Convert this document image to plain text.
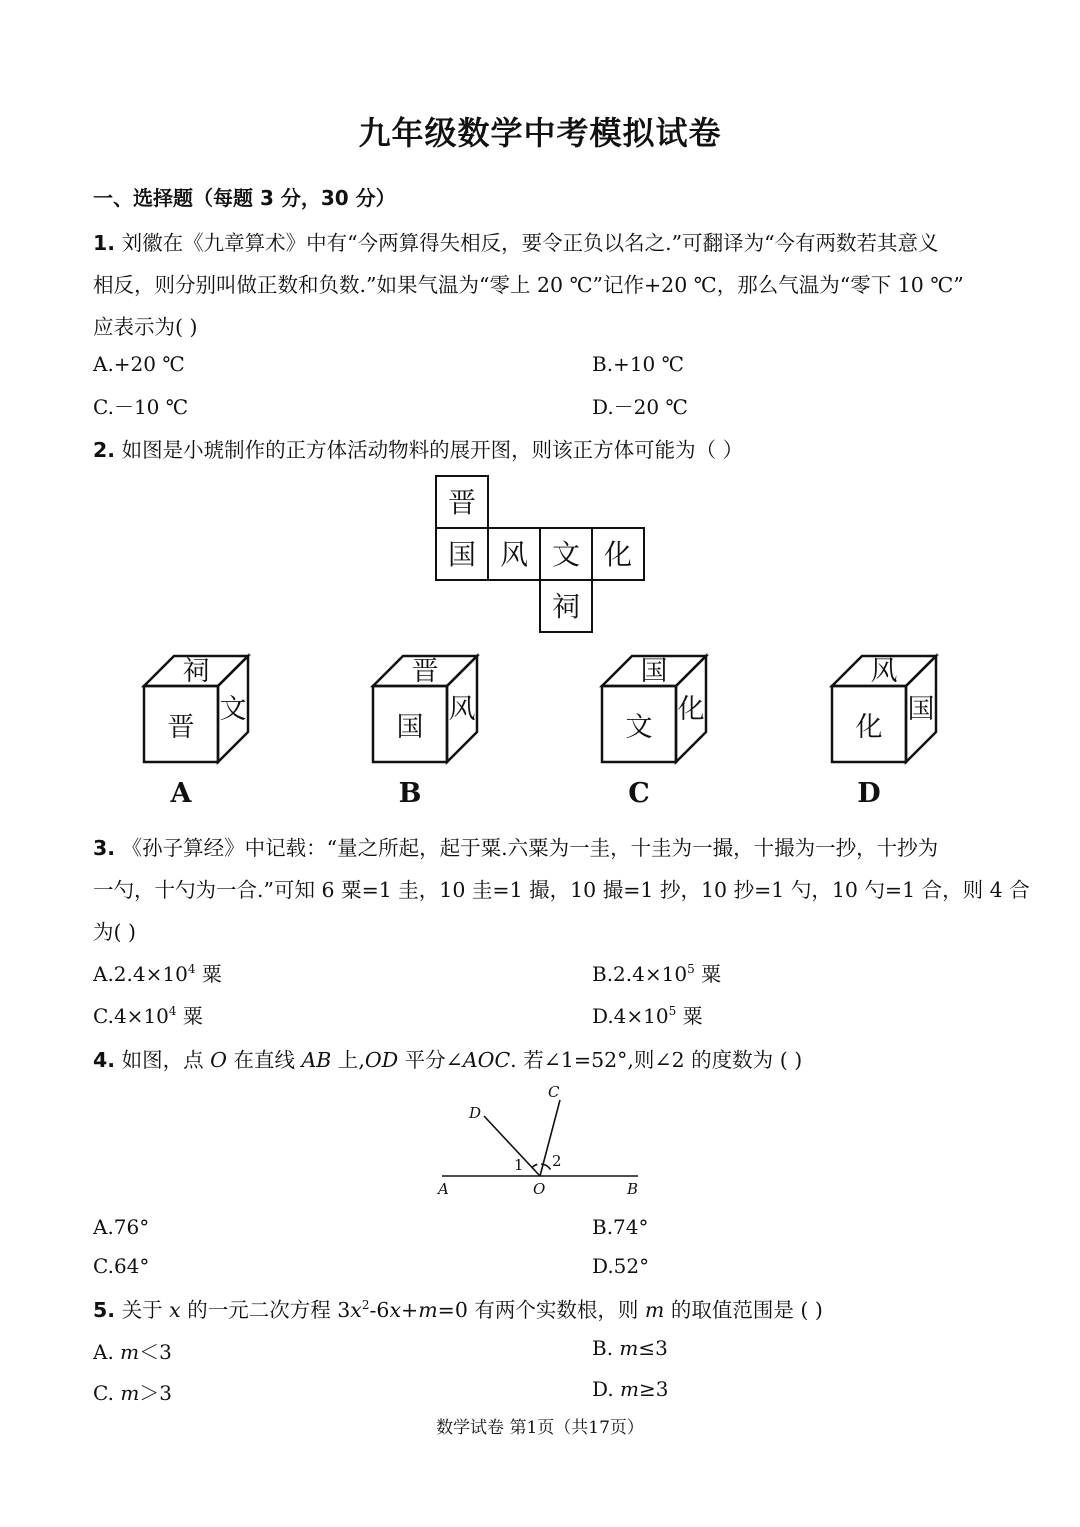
九年级数学中考模拟试卷
一、选择题（每题 3 分，30 分）
1. 刘徽在《九章算术》中有“今两算得失相反，要令正负以名之.”可翻译为“今有两数若其意义
相反，则分别叫做正数和负数.”如果气温为“零上 20 ℃”记作+20 ℃，那么气温为“零下 10 ℃”
应表示为( )
A.+20 ℃	B.+10 ℃
C.－10 ℃	D.－20 ℃
2. 如图是小琥制作的正方体活动物料的展开图，则该正方体可能为（ ）
晋
国 风 文 化
祠
祠
晋
文
A
晋
国
风
B
国
文
化
C
风
化
国
D
3. 《孙子算经》中记载：“量之所起，起于粟.六粟为一圭，十圭为一撮，十撮为一抄，十抄为
一勺，十勺为一合.”可知 6 粟=1 圭，10 圭=1 撮，10 撮=1 抄，10 抄=1 勺，10 勺=1 合，则 4 合
为( )
$A.2.4\times 10^4$ 粟	$B.2.4\times 10^5$ 粟
$C.4\times 10^4$ 粟	$D.4\times 10^5$ 粟
4. 如图，点 O 在直线 AB 上,OD 平分∠AOC. 若∠1=52°,则∠2 的度数为 ( )
A	O	B
C
D
1 2
A.76°	B.74°
C.64°	D.52°
5. 关于 x 的一元二次方程 $3x^2-6x+m=0$ 有两个实数根，则 m 的取值范围是 ( )
A. m＜3	B. m≤3
C. m＞3	D. m≥3
数学试卷 第1页（共17页）
